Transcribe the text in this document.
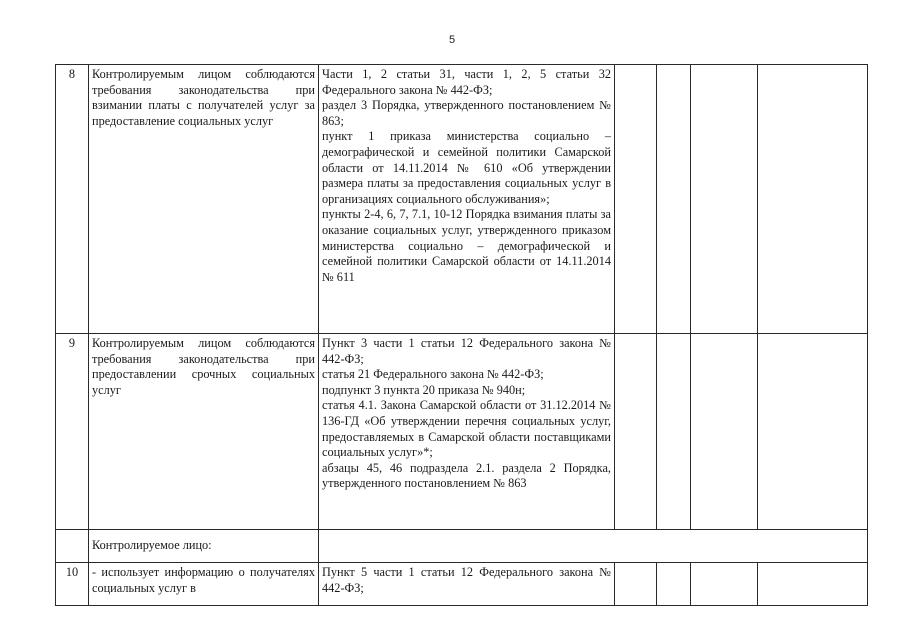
5
8	Контролируемым лицом соблюдаются требования законодательства при взимании платы с получателей услуг за предоставление социальных услуг	Части 1, 2 статьи 31, части 1, 2, 5 статьи 32 Федерального закона № 442-ФЗ;
раздел 3 Порядка, утвержденного постановлением № 863;
пункт 1 приказа министерства социально – демографической и семейной политики Самарской области от 14.11.2014 № 610 «Об утверждении размера платы за предоставления социальных услуг в организациях социального обслуживания»;
пункты 2-4, 6, 7, 7.1, 10-12 Порядка взимания платы за оказание социальных услуг, утвержденного приказом министерства социально – демографической и семейной политики Самарской области от 14.11.2014 № 611				

9	Контролируемым лицом соблюдаются требования законодательства при предоставлении срочных социальных услуг	Пункт 3 части 1 статьи 12 Федерального закона № 442-ФЗ;
статья 21 Федерального закона № 442-ФЗ;
подпункт 3 пункта 20 приказа № 940н;
статья 4.1. Закона Самарской области от 31.12.2014 № 136-ГД «Об утверждении перечня социальных услуг, предоставляемых в Самарской области поставщиками социальных услуг»*;
абзацы 45, 46 подраздела 2.1. раздела 2 Порядка, утвержденного постановлением № 863				

	Контролируемое лицо:					
10	- использует информацию о получателях социальных услуг в	Пункт 5 части 1 статьи 12 Федерального закона № 442-ФЗ;				
